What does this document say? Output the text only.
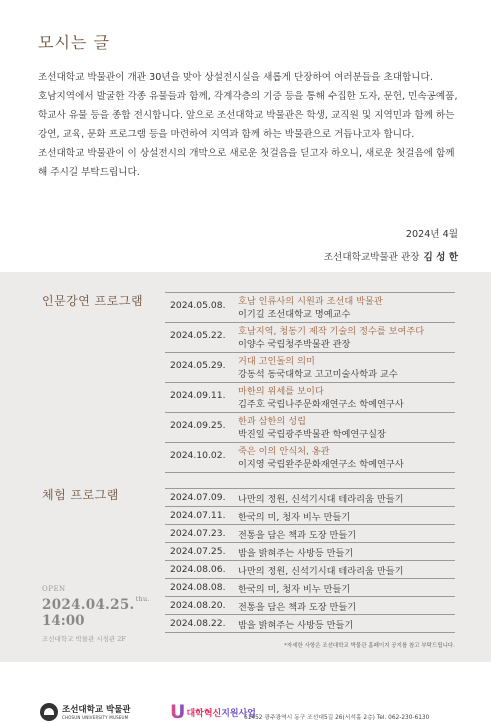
모시는 글

조선대학교 박물관이 개관 30년을 맞아 상설전시실을 새롭게 단장하여 여러분들을 초대합니다.

호남지역에서 발굴한 각종 유물들과 함께, 각계각층의 기증 등을 통해 수집한 도자, 문헌, 민속공예품, 학교사 유물 등을 종합 전시합니다. 앞으로 조선대학교 박물관은 학생, 교직원 및 지역민과 함께 하는 강연, 교육, 문화 프로그램 등을 마련하여 지역과 함께 하는 박물관으로 거듭나고자 합니다.

조선대학교 박물관이 이 상설전시의 개막으로 새로운 첫걸음을 딛고자 하오니, 새로운 첫걸음에 함께 해 주시길 부탁드립니다.

2024년 4월
조선대학교박물관 관장 김 성 한
인문강연 프로그램	2024.05.08.	호남 인류사의 시원과 조선대 박물관
이기길 조선대학교 명예교수
2024.05.22.	호남지역, 청동기 제작 기술의 정수를 보여주다
이양수 국립청주박물관 관장
2024.05.29.	거대 고인돌의 의미
강동석 동국대학교 고고미술사학과 교수
2024.09.11.	마한의 위세를 보이다
김주호 국립나주문화재연구소 학예연구사
2024.09.25.	한과 삼한의 성립
박진일 국립광주박물관 학예연구실장
2024.10.02.	죽은 이의 안식처, 옹관
이지영 국립완주문화재연구소 학예연구사
체험 프로그램	2024.07.09.	나만의 정원, 신석기시대 테라리움 만들기
2024.07.11.	한국의 미, 청자 비누 만들기
2024.07.23.	전통을 담은 책과 도장 만들기
2024.07.25.	밤을 밝혀주는 사방등 만들기
2024.08.06.	나만의 정원, 신석기시대 테라리움 만들기
2024.08.08.	한국의 미, 청자 비누 만들기
2024.08.20.	전통을 담은 책과 도장 만들기
2024.08.22.	밤을 밝혀주는 사방등 만들기
*자세한 사항은 조선대학교 박물관 홈페이지 공지를 참고 부탁드립니다.
OPEN
2024.04.25.$^{thu.}$
14:00
조선대학교 박물관 시청관 2F
조선대학교 박물관
CHOSUN UNIVERSITY MUSEUM U 대학혁신지원사업
61452 광주광역시 동구 조선대5길 26(서석홀 2층) Tel. 062-230-6130
